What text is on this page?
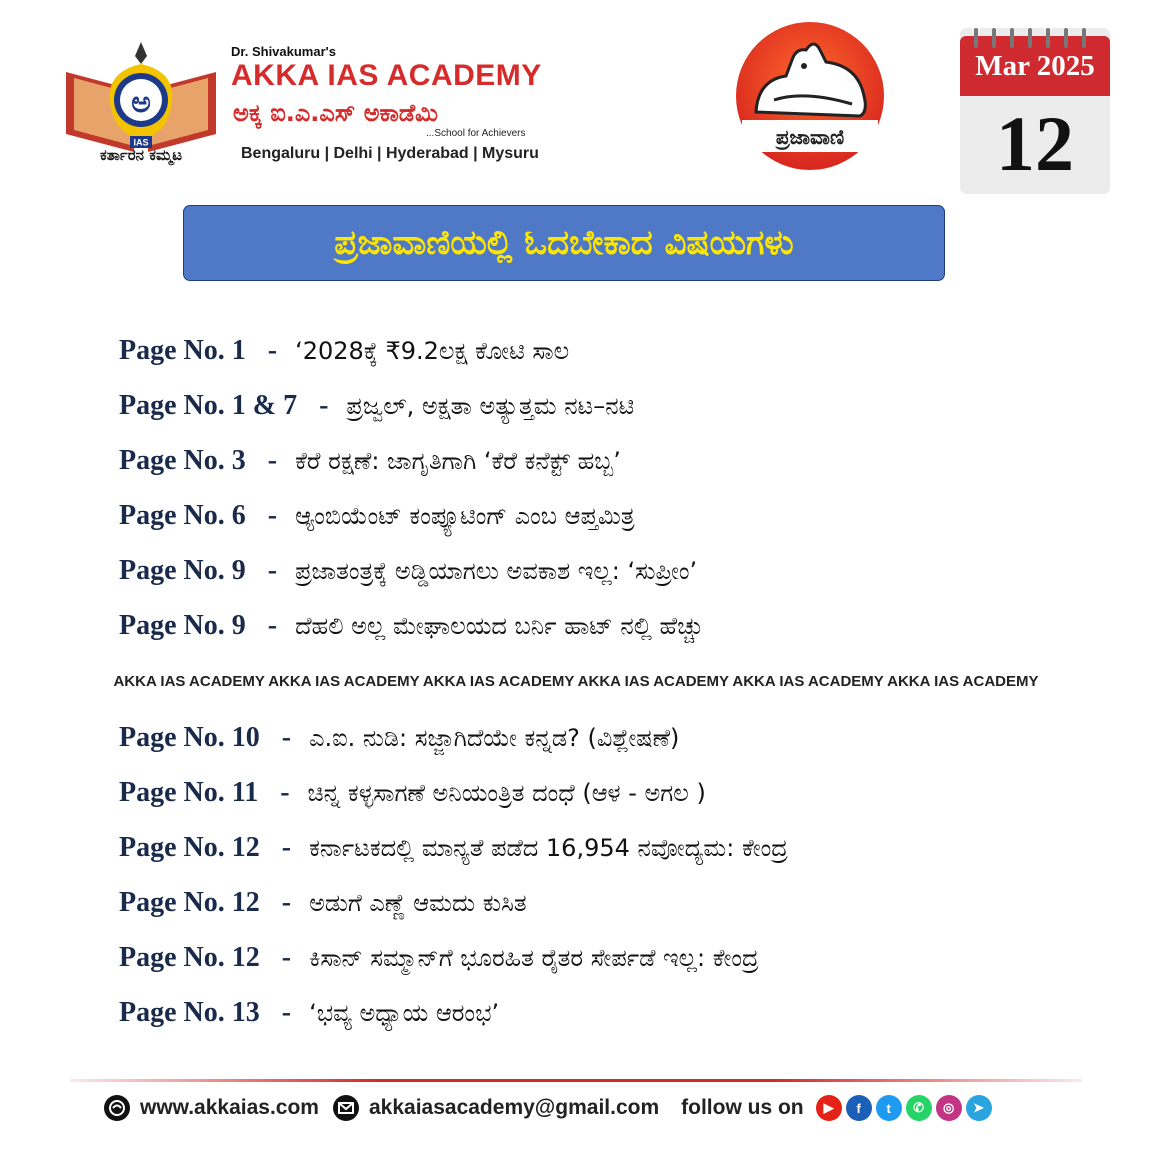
ಅ
IAS
ಕರ್ತಾರನ ಕಮ್ಮಟ
Dr. Shivakumar's
AKKA IAS ACADEMY
ಅಕ್ಕ ಐ.ಎ.ಎಸ್ ಅಕಾಡೆಮಿ
...School for Achievers
Bengaluru | Delhi | Hyderabad | Mysuru
ಪ್ರಜಾವಾಣಿ
Mar 2025
12
ಪ್ರಜಾವಾಣಿಯಲ್ಲಿ ಓದಬೇಕಾದ ವಿಷಯಗಳು
Page No. 1 - ‘2028ಕ್ಕೆ ₹9.2ಲಕ್ಷ ಕೋಟಿ ಸಾಲ
Page No. 1 & 7 - ಪ್ರಜ್ವಲ್, ಅಕ್ಷತಾ ಅತ್ಯುತ್ತಮ ನಟ–ನಟಿ
Page No. 3 - ಕೆರೆ ರಕ್ಷಣೆ: ಜಾಗೃತಿಗಾಗಿ ‘ಕೆರೆ ಕನೆಕ್ಟ್ ಹಬ್ಬ’
Page No. 6 - ಆ್ಯಂಬಿಯೆಂಟ್ ಕಂಪ್ಯೂಟಿಂಗ್ ಎಂಬ ಆಪ್ತಮಿತ್ರ
Page No. 9 - ಪ್ರಜಾತಂತ್ರಕ್ಕೆ ಅಡ್ಡಿಯಾಗಲು ಅವಕಾಶ ಇಲ್ಲ: ‘ಸುಪ್ರೀಂ’
Page No. 9 - ದೆಹಲಿ ಅಲ್ಲ ಮೇಘಾಲಯದ ಬರ್ನಿ ಹಾಟ್ ನಲ್ಲಿ ಹೆಚ್ಚು
AKKA IAS ACADEMY AKKA IAS ACADEMY AKKA IAS ACADEMY AKKA IAS ACADEMY AKKA IAS ACADEMY AKKA IAS ACADEMY
Page No. 10 - ಎ.ಐ. ನುಡಿ: ಸಜ್ಜಾಗಿದೆಯೇ ಕನ್ನಡ? (ವಿಶ್ಲೇಷಣೆ)
Page No. 11 - ಚಿನ್ನ ಕಳ್ಳಸಾಗಣೆ ಅನಿಯಂತ್ರಿತ ದಂಧೆ (ಆಳ - ಅಗಲ )
Page No. 12 - ಕರ್ನಾಟಕದಲ್ಲಿ ಮಾನ್ಯತೆ ಪಡೆದ 16,954 ನವೋದ್ಯಮ: ಕೇಂದ್ರ
Page No. 12 - ಅಡುಗೆ ಎಣ್ಣೆ ಆಮದು ಕುಸಿತ
Page No. 12 - ಕಿಸಾನ್ ಸಮ್ಮಾನ್‌ಗೆ ಭೂರಹಿತ ರೈತರ ಸೇರ್ಪಡೆ ಇಲ್ಲ: ಕೇಂದ್ರ
Page No. 13 - ‘ಭವ್ಯ ಅಧ್ಯಾಯ ಆರಂಭ’
www.akkaias.com akkaiasacademy@gmail.com follow us on	▶	f	t	✆	◎	➤
